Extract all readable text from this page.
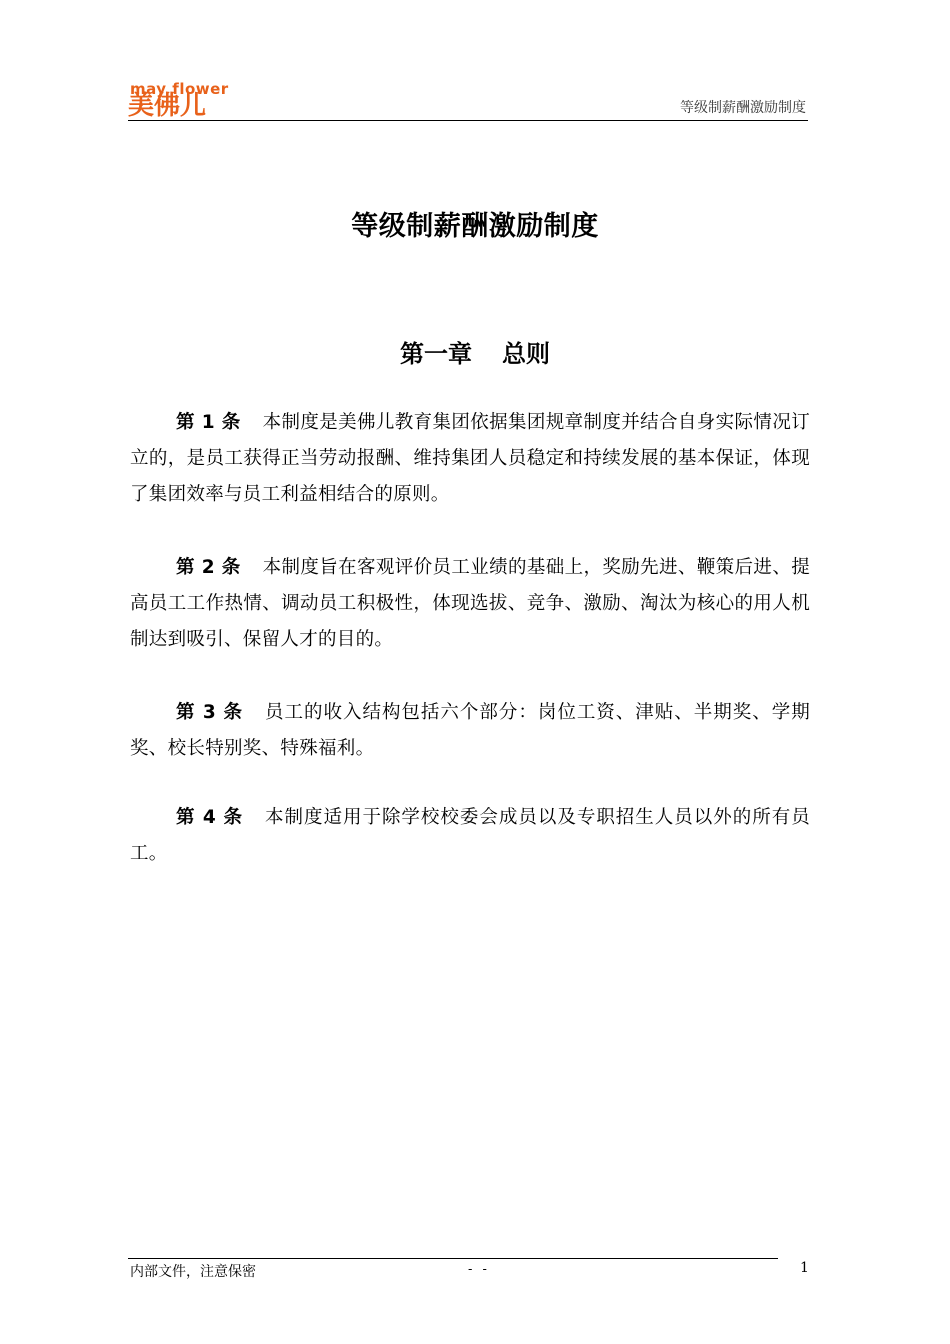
may flower
美佛儿	等级制薪酬激励制度
等级制薪酬激励制度
第一章 总则

第 1 条 本制度是美佛儿教育集团依据集团规章制度并结合自身实际情况订立的，是员工获得正当劳动报酬、维持集团人员稳定和持续发展的基本保证，体现了集团效率与员工利益相结合的原则。

第 2 条 本制度旨在客观评价员工业绩的基础上，奖励先进、鞭策后进、提高员工工作热情、调动员工积极性，体现选拔、竞争、激励、淘汰为核心的用人机制达到吸引、保留人才的目的。

第 3 条 员工的收入结构包括六个部分：岗位工资、津贴、半期奖、学期奖、校长特别奖、特殊福利。

第 4 条 本制度适用于除学校校委会成员以及专职招生人员以外的所有员工。

内部文件，注意保密	- -	1
